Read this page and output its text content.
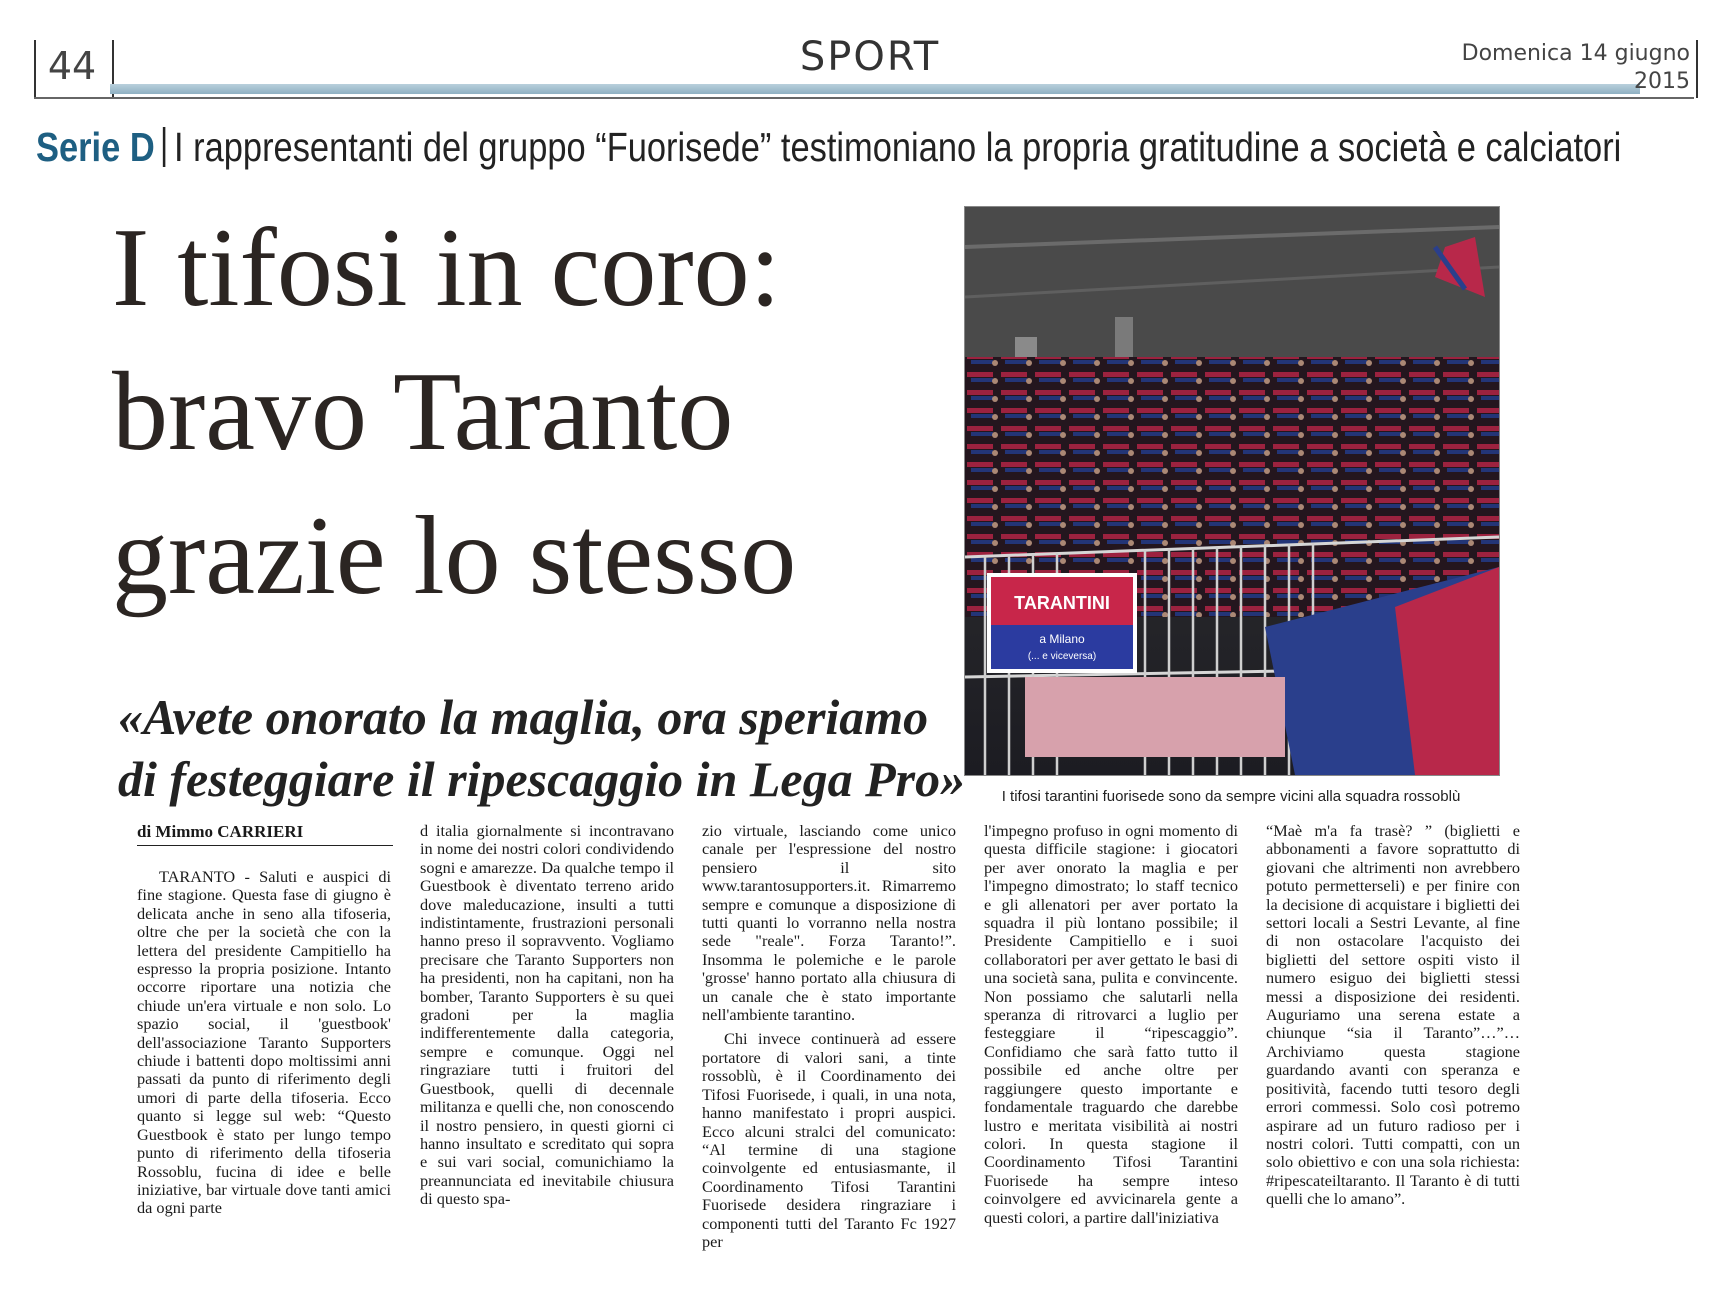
44	SPORT	Domenica 14 giugno
2015
Serie D I rappresentanti del gruppo “Fuorisede” testimoniano la propria gratitudine a società e calciatori
I tifosi in coro:
bravo Taranto
grazie lo stesso
«Avete onorato la maglia, ora speriamo
di festeggiare il ripescaggio in Lega Pro»
TARANTINI
a Milano
(... e viceversa)
I tifosi tarantini fuorisede sono da sempre vicini alla squadra rossoblù
di Mimmo CARRIERI

TARANTO - Saluti e auspici di fine stagione. Questa fase di giugno è delicata anche in seno alla tifoseria, oltre che per la società che con la lettera del presidente Campitiello ha espresso la propria posizione. Intanto occorre riportare una notizia che chiude un'era virtuale e non solo. Lo spazio social, il 'guestbook' dell'associazione Taranto Supporters chiude i battenti dopo moltissimi anni passati da punto di riferimento degli umori di parte della tifoseria. Ecco quanto si legge sul web: “Questo Guestbook è stato per lungo tempo punto di riferimento della tifoseria Rossoblu, fucina di idee e belle iniziative, bar virtuale dove tanti amici da ogni parte

d italia giornalmente si incontravano in nome dei nostri colori condividendo sogni e amarezze. Da qualche tempo il Guestbook è diventato terreno arido dove maleducazione, insulti a tutti indistintamente, frustrazioni personali hanno preso il sopravvento. Vogliamo precisare che Taranto Supporters non ha presidenti, non ha capitani, non ha bomber, Taranto Supporters è su quei gradoni per la maglia indifferentemente dalla categoria, sempre e comunque. Oggi nel ringraziare tutti i fruitori del Guestbook, quelli di decennale militanza e quelli che, non conoscendo il nostro pensiero, in questi giorni ci hanno insultato e screditato qui sopra e sui vari social, comunichiamo la preannunciata ed inevitabile chiusura di questo spa-

zio virtuale, lasciando come unico canale per l'espressione del nostro pensiero il sito www.tarantosupporters.it. Rimarremo sempre e comunque a disposizione di tutti quanti lo vorranno nella nostra sede "reale". Forza Taranto!”. Insomma le polemiche e le parole 'grosse' hanno portato alla chiusura di un canale che è stato importante nell'ambiente tarantino.

Chi invece continuerà ad essere portatore di valori sani, a tinte rossoblù, è il Coordinamento dei Tifosi Fuorisede, i quali, in una nota, hanno manifestato i propri auspici. Ecco alcuni stralci del comunicato: “Al termine di una stagione coinvolgente ed entusiasmante, il Coordinamento Tifosi Tarantini Fuorisede desidera ringraziare i componenti tutti del Taranto Fc 1927 per

l'impegno profuso in ogni momento di questa difficile stagione: i giocatori per aver onorato la maglia e per l'impegno dimostrato; lo staff tecnico e gli allenatori per aver portato la squadra il più lontano possibile; il Presidente Campitiello e i suoi collaboratori per aver gettato le basi di una società sana, pulita e convincente. Non possiamo che salutarli nella speranza di ritrovarci a luglio per festeggiare il “ripescaggio”. Confidiamo che sarà fatto tutto il possibile ed anche oltre per raggiungere questo importante e fondamentale traguardo che darebbe lustro e meritata visibilità ai nostri colori. In questa stagione il Coordinamento Tifosi Tarantini Fuorisede ha sempre inteso coinvolgere ed avvicinarela gente a questi colori, a partire dall'iniziativa

“Maè m'a fa trasè? ” (biglietti e abbonamenti a favore soprattutto di giovani che altrimenti non avrebbero potuto permetterseli) e per finire con la decisione di acquistare i biglietti dei settori locali a Sestri Levante, al fine di non ostacolare l'acquisto dei biglietti del settore ospiti visto il numero esiguo dei biglietti stessi messi a disposizione dei residenti. Auguriamo una serena estate a chiunque “sia il Taranto”…”… Archiviamo questa stagione guardando avanti con speranza e positività, facendo tutti tesoro degli errori commessi. Solo così potremo aspirare ad un futuro radioso per i nostri colori. Tutti compatti, con un solo obiettivo e con una sola richiesta: #ripescateiltaranto. Il Taranto è di tutti quelli che lo amano”.
